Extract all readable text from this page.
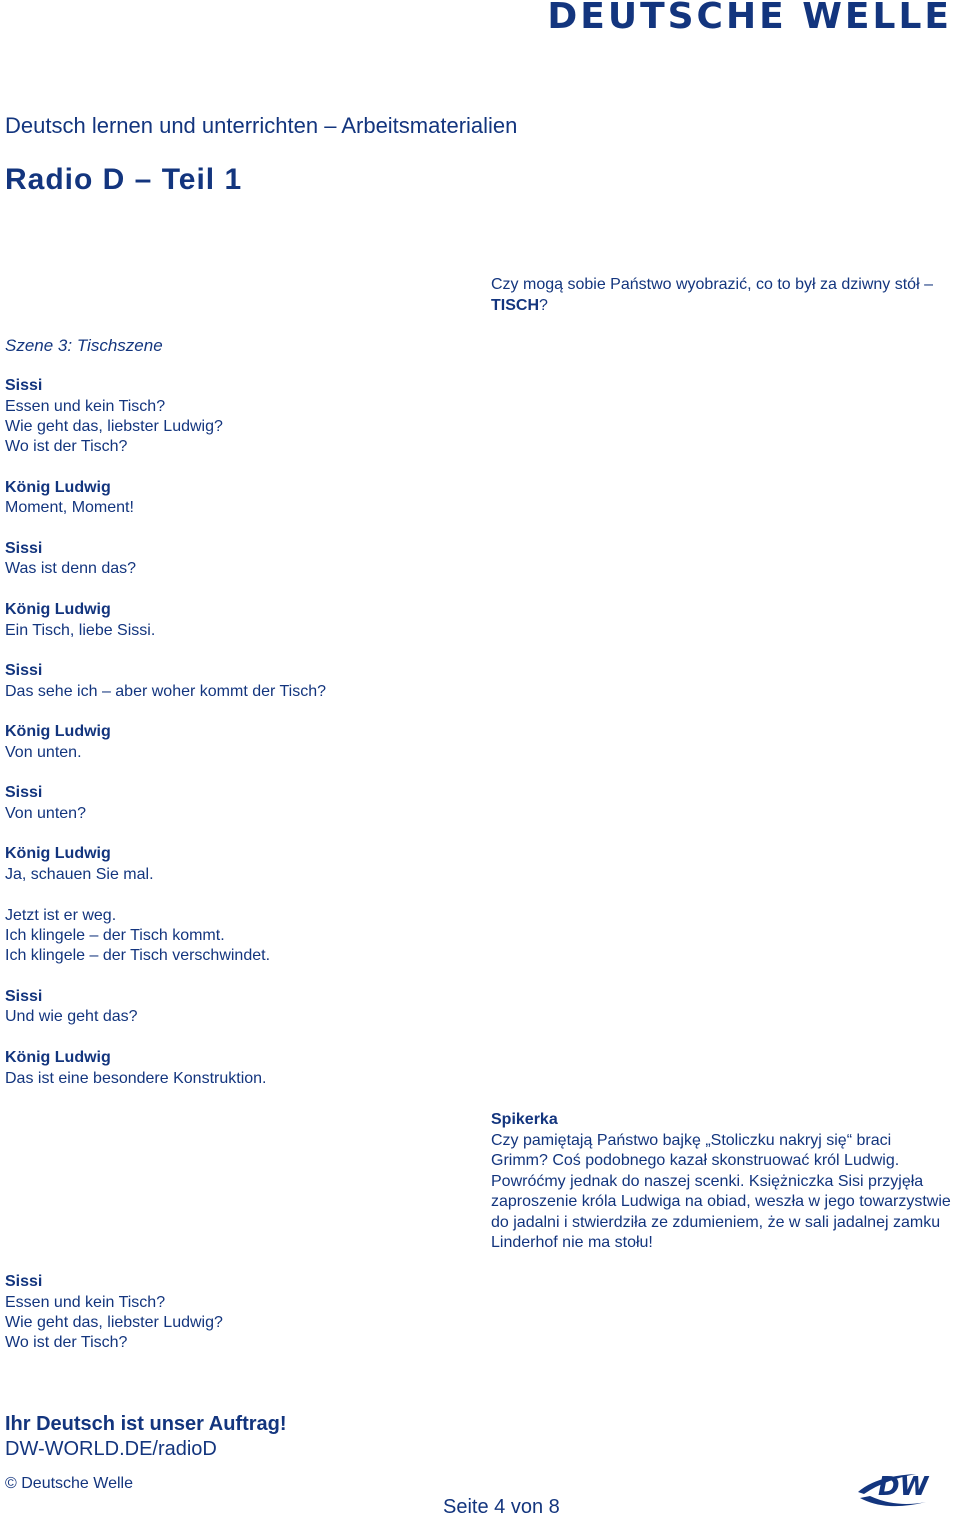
DEUTSCHE WELLE
Deutsch lernen und unterrichten – Arbeitsmaterialien
Radio D – Teil 1
Czy mogą sobie Państwo wyobrazić, co to był za dziwny stół – TISCH?
Szene 3: Tischszene
Sissi
Essen und kein Tisch?
Wie geht das, liebster Ludwig?
Wo ist der Tisch?
König Ludwig
Moment, Moment!
Sissi
Was ist denn das?
König Ludwig
Ein Tisch, liebe Sissi.
Sissi
Das sehe ich – aber woher kommt der Tisch?
König Ludwig
Von unten.
Sissi
Von unten?
König Ludwig
Ja, schauen Sie mal.
Jetzt ist er weg.
Ich klingele – der Tisch kommt.
Ich klingele – der Tisch verschwindet.
Sissi
Und wie geht das?
König Ludwig
Das ist eine besondere Konstruktion.
Sissi
Essen und kein Tisch?
Wie geht das, liebster Ludwig?
Wo ist der Tisch?
Spikerka
Czy pamiętają Państwo bajkę „Stoliczku nakryj się“ braci Grimm? Coś podobnego kazał skonstruować król Ludwig. Powróćmy jednak do naszej scenki. Księżniczka Sisi przyjęła zaproszenie króla Ludwiga na obiad, weszła w jego towarzystwie do jadalni i stwierdziła ze zdumieniem, że w sali jadalnej zamku Linderhof nie ma stołu!
Ihr Deutsch ist unser Auftrag!
DW-WORLD.DE/radioD
© Deutsche Welle
Seite 4 von 8
DW
